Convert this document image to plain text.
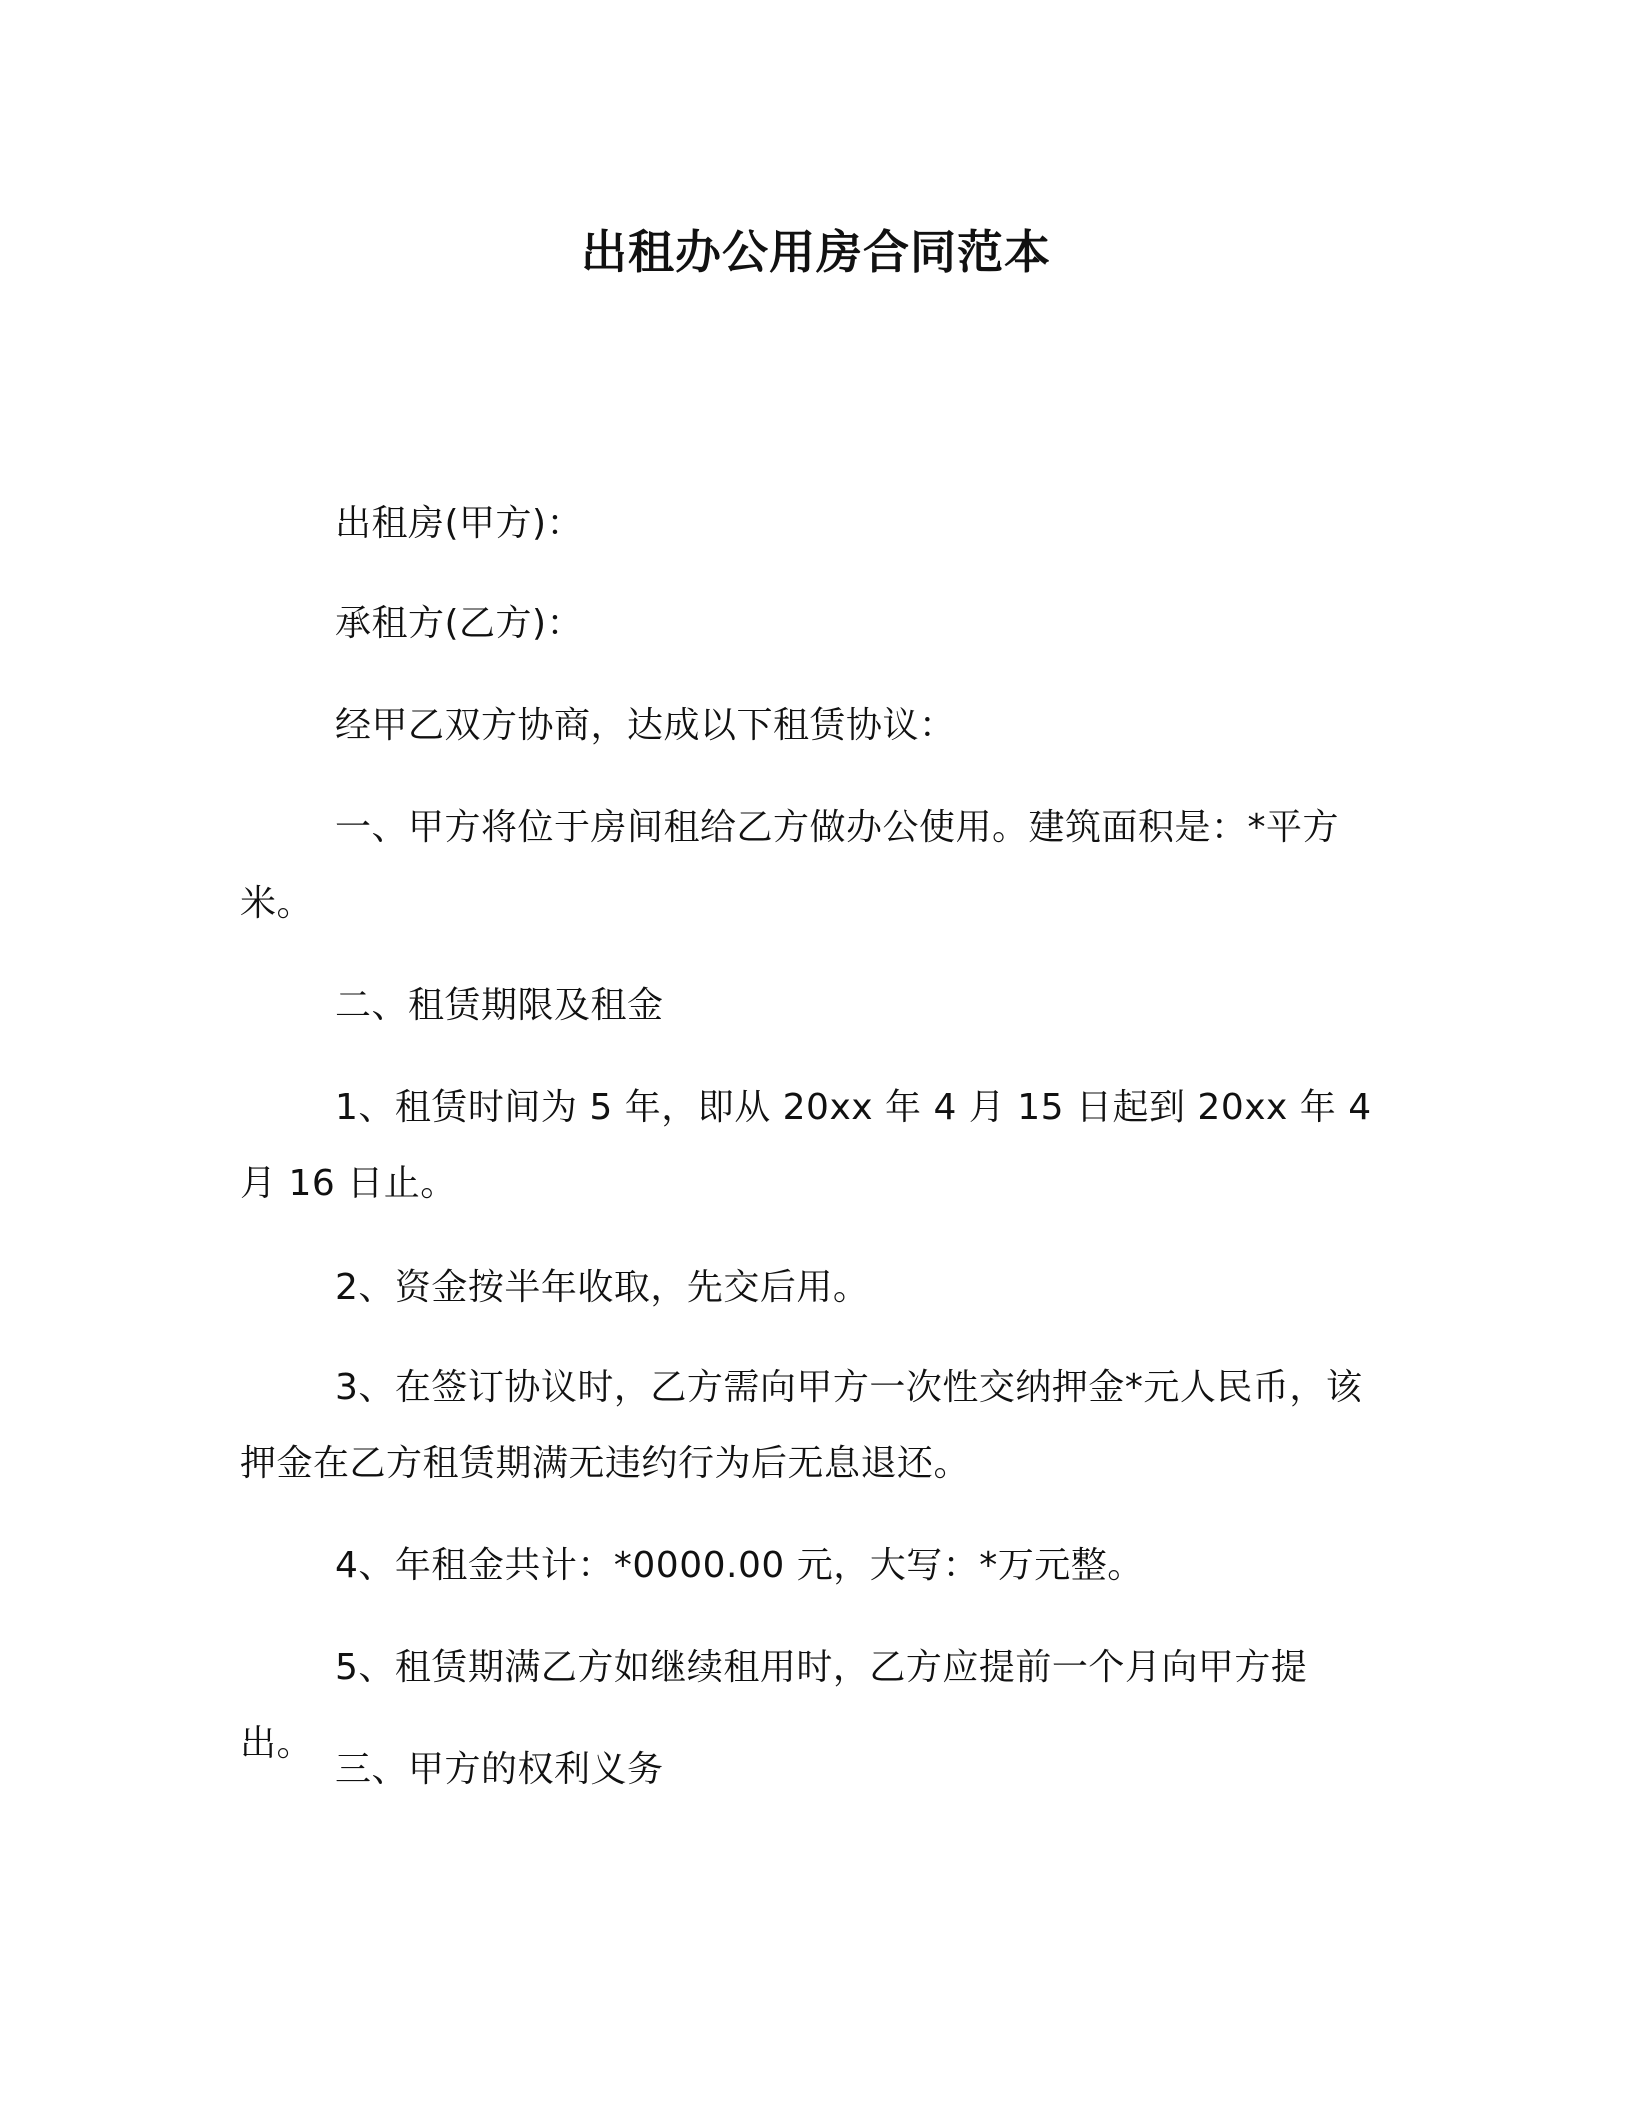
出租办公用房合同范本

出租房(甲方)：

承租方(乙方)：

经甲乙双方协商，达成以下租赁协议：

一、甲方将位于房间租给乙方做办公使用。建筑面积是：*平方米。

二、租赁期限及租金

1、租赁时间为 5 年，即从 20xx 年 4 月 15 日起到 20xx 年 4 月 16 日止。

2、资金按半年收取，先交后用。

3、在签订协议时，乙方需向甲方一次性交纳押金*元人民币，该押金在乙方租赁期满无违约行为后无息退还。

4、年租金共计：*0000.00 元，大写：*万元整。

5、租赁期满乙方如继续租用时，乙方应提前一个月向甲方提出。

三、甲方的权利义务
